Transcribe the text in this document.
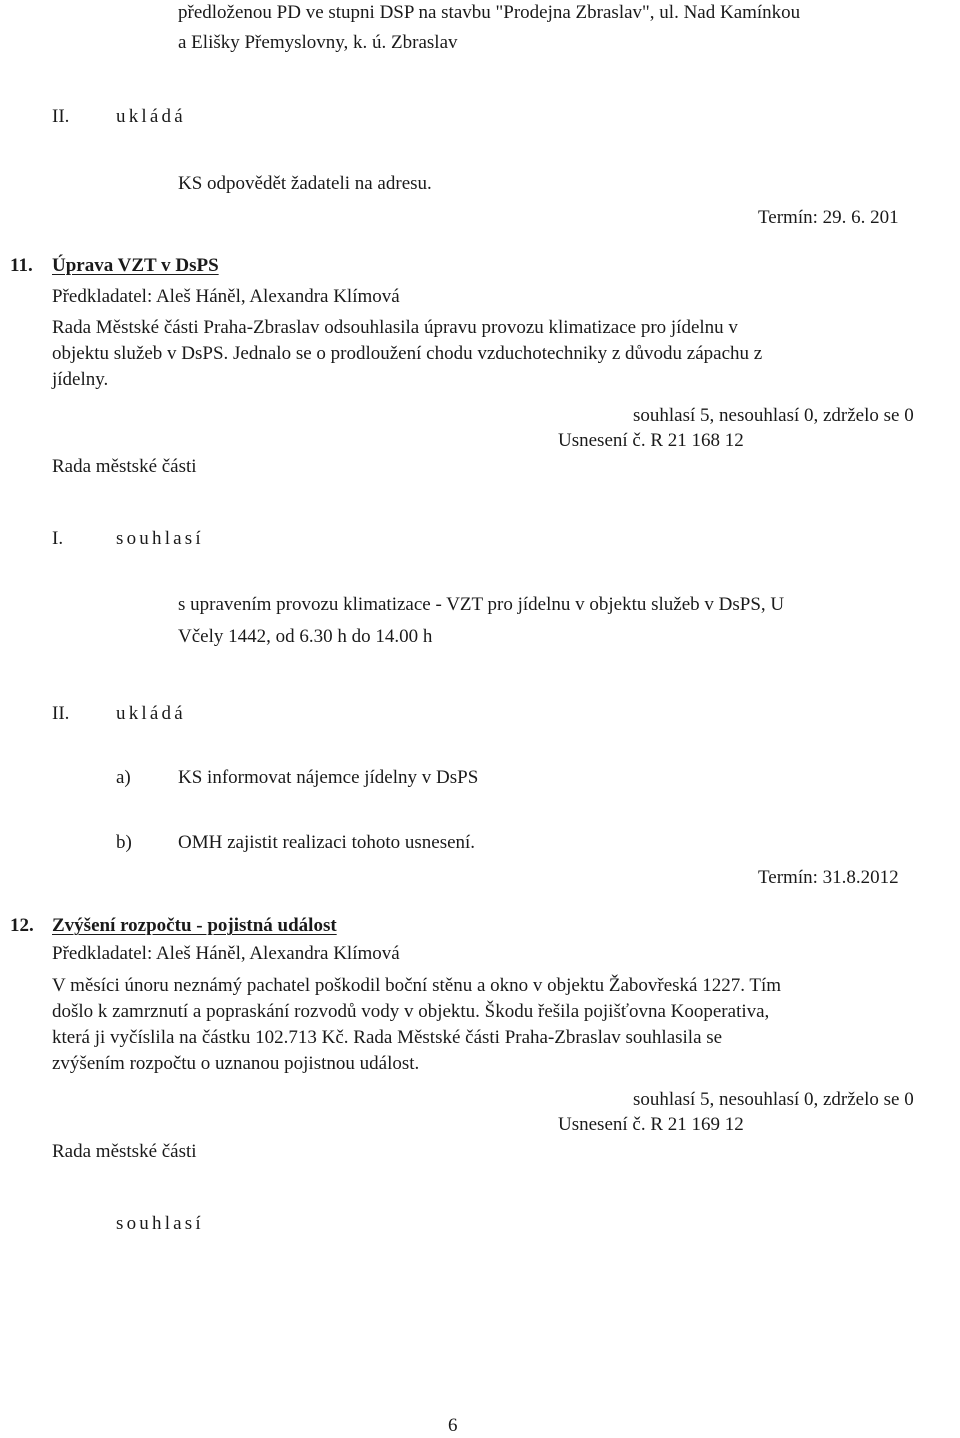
předloženou PD ve stupni DSP na stavbu "Prodejna Zbraslav", ul. Nad Kamínkou
a Elišky Přemyslovny, k. ú. Zbraslav
II. ukládá
KS odpovědět žadateli na adresu.
Termín: 29. 6. 201
11. Úprava VZT v DsPS
Předkladatel: Aleš Háněl, Alexandra Klímová
Rada Městské části Praha-Zbraslav odsouhlasila úpravu provozu klimatizace pro jídelnu v
objektu služeb v DsPS. Jednalo se o prodloužení chodu vzduchotechniky z důvodu zápachu z
jídelny.
souhlasí 5, nesouhlasí 0, zdrželo se 0
Usnesení č. R 21 168 12
Rada městské části
I.	souhlasí
s upravením provozu klimatizace - VZT pro jídelnu v objektu služeb v DsPS, U
Včely 1442, od 6.30 h do 14.00 h
II. ukládá
a) KS informovat nájemce jídelny v DsPS
b) OMH zajistit realizaci tohoto usnesení.
Termín: 31.8.2012
12. Zvýšení rozpočtu - pojistná událost
Předkladatel: Aleš Háněl, Alexandra Klímová
V měsíci únoru neznámý pachatel poškodil boční stěnu a okno v objektu Žabovřeská 1227. Tím
došlo k zamrznutí a popraskání rozvodů vody v objektu. Škodu řešila pojišťovna Kooperativa,
která ji vyčíslila na částku 102.713 Kč. Rada Městské části Praha-Zbraslav souhlasila se
zvýšením rozpočtu o uznanou pojistnou událost.
souhlasí 5, nesouhlasí 0, zdrželo se 0
Usnesení č. R 21 169 12
Rada městské části
souhlasí
6
